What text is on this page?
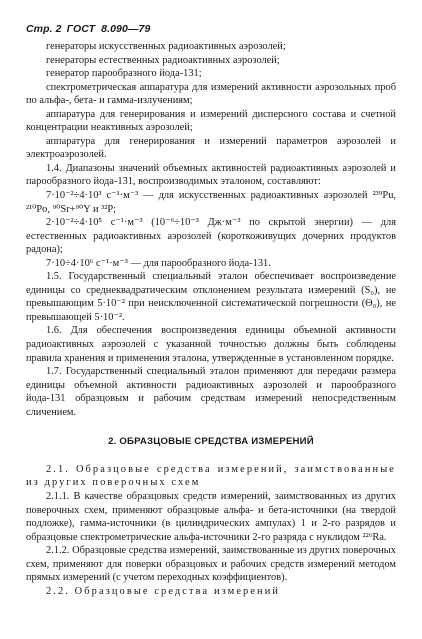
Стр. 2 ГОСТ 8.090—79

генераторы искусственных радиоактивных аэрозолей;

генераторы естественных радиоактивных аэрозолей;

генератор парообразного йода-131;

спектрометрическая аппаратура для измерений активности аэрозольных проб по альфа-, бета- и гамма-излучениям;

аппаратура для генерирования и измерений дисперсного состава и счетной концентрации неактивных аэрозолей;

аппаратура для генерирования и измерений параметров аэрозолей и электроаэрозолей.

1.4. Диапазоны значений объемных активностей радиоактивных аэрозолей и парообразного йода-131, воспроизводимых эталоном, составляют:

7·10⁻²÷4·10³ с⁻¹·м⁻³ — для искусственных радиоактивных аэрозолей ²³⁹Pu, ²¹⁰Po, ⁹⁰Sr+⁹⁰Y и ³²P;

2·10⁻²÷4·10⁵ с⁻¹·м⁻³ (10⁻⁶÷10⁻³ Дж·м⁻³ по скрытой энергии) — для естественных радиоактивных аэрозолей (короткоживущих дочерних продуктов радона);

7·10÷4·10⁶ с⁻¹·м⁻³ — для парообразного йода-131.

1.5. Государственный специальный эталон обеспечивает воспроизведение единицы со среднеквадратическим отклонением результата измерений (S₀), не превышающим 5·10⁻² при неисключенной систематической погрешности (Θ₀), не превышающей 5·10⁻².

1.6. Для обеспечения воспроизведения единицы объемной активности радиоактивных аэрозолей с указанной точностью должны быть соблюдены правила хранения и применения эталона, утвержденные в установленном порядке.

1.7. Государственный специальный эталон применяют для передачи размера единицы объемной активности радиоактивных аэрозолей и парообразного йода-131 образцовым и рабочим средствам измерений непосредственным сличением.

2. ОБРАЗЦОВЫЕ СРЕДСТВА ИЗМЕРЕНИЙ

2.1. Образцовые средства измерений, заимствованные из других поверочных схем

2.1.1. В качестве образцовых средств измерений, заимствованных из других поверочных схем, применяют образцовые альфа- и бета-источники (на твердой подложке), гамма-источники (в цилиндрических ампулах) 1 и 2-го разрядов и образцовые спектрометрические альфа-источники 2-го разряда с нуклидом ²²⁶Ra.

2.1.2. Образцовые средства измерений, заимствованные из других поверочных схем, применяют для поверки образцовых и рабочих средств измерений методом прямых измерений (с учетом переходных коэффициентов).

2.2. Образцовые средства измерений
